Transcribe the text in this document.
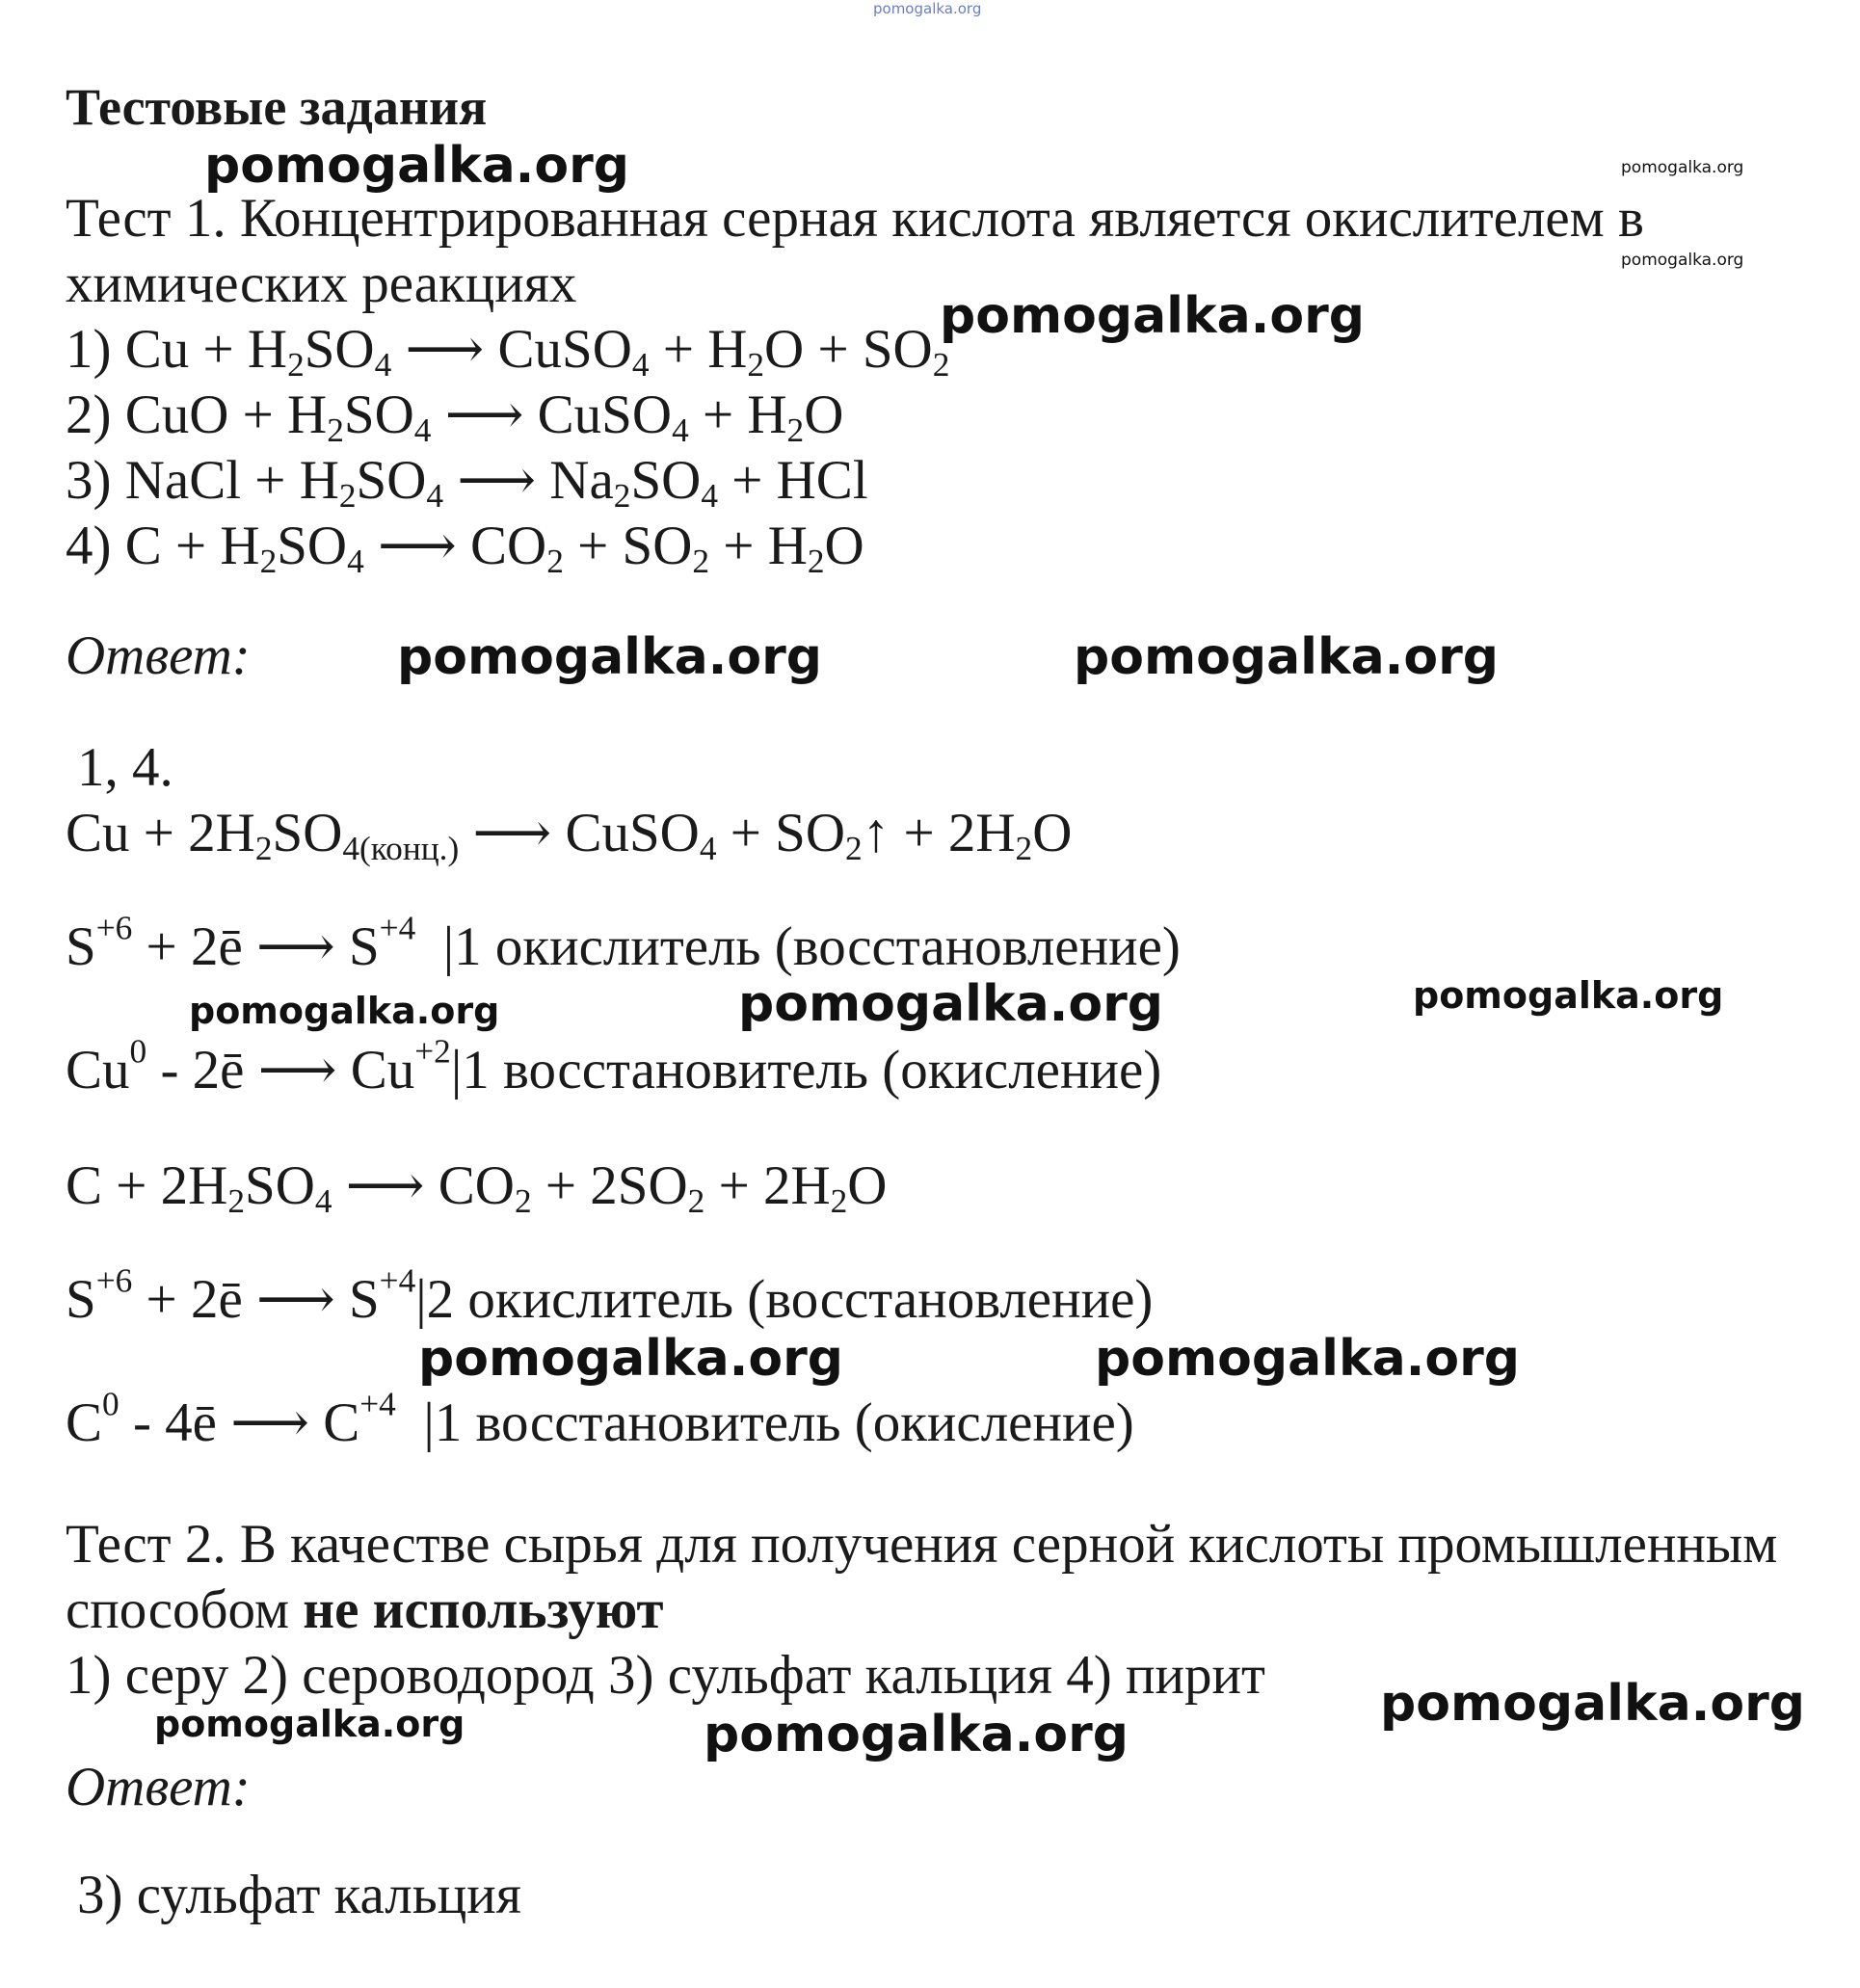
pomogalka.org
Тестовые задания
Тест 1. Концентрированная серная кислота является окислителем в
химических реакциях
1) $Cu + H_2SO_4$ ⟶ CuSO$_4$ + $H_2O + SO_2$
2) CuO + $H_2SO_4$ ⟶ CuSO$_4$ + $H_2O$
3) NaCl + $H_2SO_4$ ⟶ $Na_2SO_4$ + HCl
4) $C + H_2SO_4$ ⟶ $CO_2 + SO_2 + H_2O$
Ответ:
1, 4.
$Cu + 2H_2SO_{4(конц.)}$ ⟶ CuSO$_4$ + $SO_2↑ + 2H_2O$
$S^{+6}$ + 2ē ⟶ $S^{+4}$  |1 окислитель (восстановление)
Cu$^0$ - 2ē ⟶ $Cu^{+2}|1$ восстановитель (окисление)
$C + 2H_2SO_4$ ⟶ $CO_2 + 2SO_2 + 2H_2O$
$S^{+6}$ + 2ē ⟶ $S^{+4}|2$ окислитель (восстановление)
$C^0$ - 4ē ⟶ $C^{+4}$  |1 восстановитель (окисление)
Тест 2. В качестве сырья для получения серной кислоты промышленным
способом не используют
1) серу 2) сероводород 3) сульфат кальция 4) пирит
Ответ:
3) сульфат кальция
pomogalka.org	pomogalka.org
pomogalka.org
pomogalka.org
pomogalka.org	pomogalka.org
pomogalka.org	pomogalka.org	pomogalka.org
pomogalka.org	pomogalka.org
pomogalka.org
pomogalka.org	pomogalka.org
